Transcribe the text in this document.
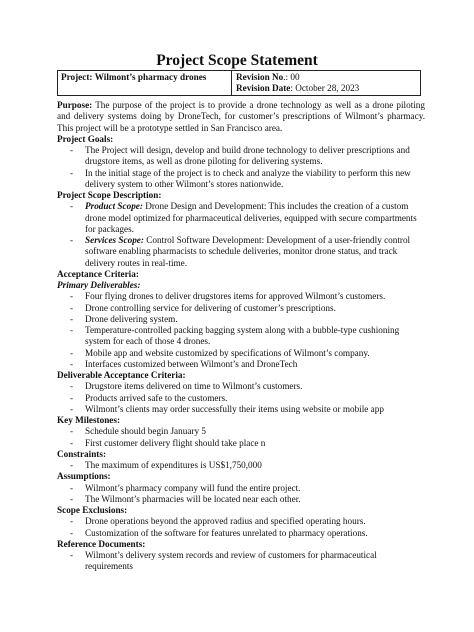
Project Scope Statement
Project: Wilmont’s pharmacy drones	Revision No.: 00
Revision Date: October 28, 2023

Purpose: The purpose of the project is to provide a drone technology as well as a drone piloting and delivery systems doing by DroneTech, for customer’s prescriptions of Wilmont’s pharmacy. This project will be a prototype settled in San Francisco area.

Project Goals:

- The Project will design, develop and build drone technology to deliver prescriptions and drugstore items, as well as drone piloting for delivering systems.
- In the initial stage of the project is to check and analyze the viability to perform this new delivery system to other Wilmont’s stores nationwide.

Project Scope Description:

- Product Scope: Drone Design and Development: This includes the creation of a custom drone model optimized for pharmaceutical deliveries, equipped with secure compartments for packages.
- Services Scope: Control Software Development: Development of a user-friendly control software enabling pharmacists to schedule deliveries, monitor drone status, and track delivery routes in real-time.

Acceptance Criteria:

Primary Deliverables:

- Four flying drones to deliver drugstores items for approved Wilmont’s customers.
- Drone controlling service for delivering of customer’s prescriptions.
- Drone delivering system.
- Temperature-controlled packing bagging system along with a bubble-type cushioning system for each of those 4 drones.
- Mobile app and website customized by specifications of Wilmont’s company.
- Interfaces customized between Wilmont’s and DroneTech

Deliverable Acceptance Criteria:

- Drugstore items delivered on time to Wilmont’s customers.
- Products arrived safe to the customers.
- Wilmont’s clients may order successfully their items using website or mobile app

Key Milestones:

- Schedule should begin January 5
- First customer delivery flight should take place n

Constraints:

- The maximum of expenditures is US$1,750,000

Assumptions:

- Wilmont’s pharmacy company will fund the entire project.
- The Wilmont’s pharmacies will be located near each other.

Scope Exclusions:

- Drone operations beyond the approved radius and specified operating hours.
- Customization of the software for features unrelated to pharmacy operations.

Reference Documents:

- Wilmont’s delivery system records and review of customers for pharmaceutical requirements
